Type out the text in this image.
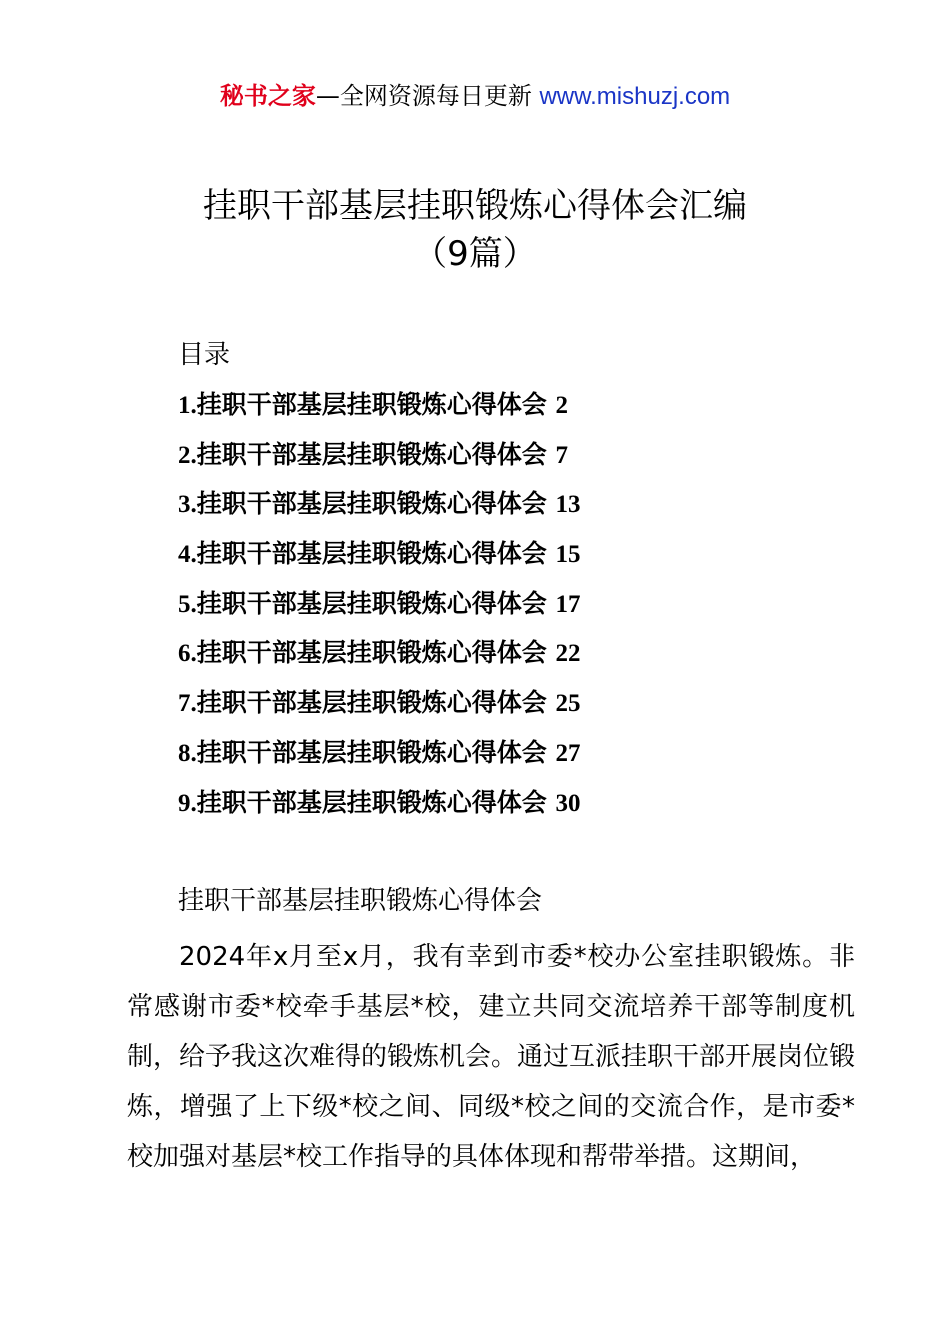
秘书之家—全网资源每日更新 www.mishuzj.com
挂职干部基层挂职锻炼心得体会汇编
（9篇）
目录
1.挂职干部基层挂职锻炼心得体会 2
2.挂职干部基层挂职锻炼心得体会 7
3.挂职干部基层挂职锻炼心得体会 13
4.挂职干部基层挂职锻炼心得体会 15
5.挂职干部基层挂职锻炼心得体会 17
6.挂职干部基层挂职锻炼心得体会 22
7.挂职干部基层挂职锻炼心得体会 25
8.挂职干部基层挂职锻炼心得体会 27
9.挂职干部基层挂职锻炼心得体会 30
挂职干部基层挂职锻炼心得体会

2024年x月至x月，我有幸到市委*校办公室挂职锻炼。非常感谢市委*校牵手基层*校，建立共同交流培养干部等制度机制，给予我这次难得的锻炼机会。通过互派挂职干部开展岗位锻炼，增强了上下级*校之间、同级*校之间的交流合作，是市委*校加强对基层*校工作指导的具体体现和帮带举措。这期间，
